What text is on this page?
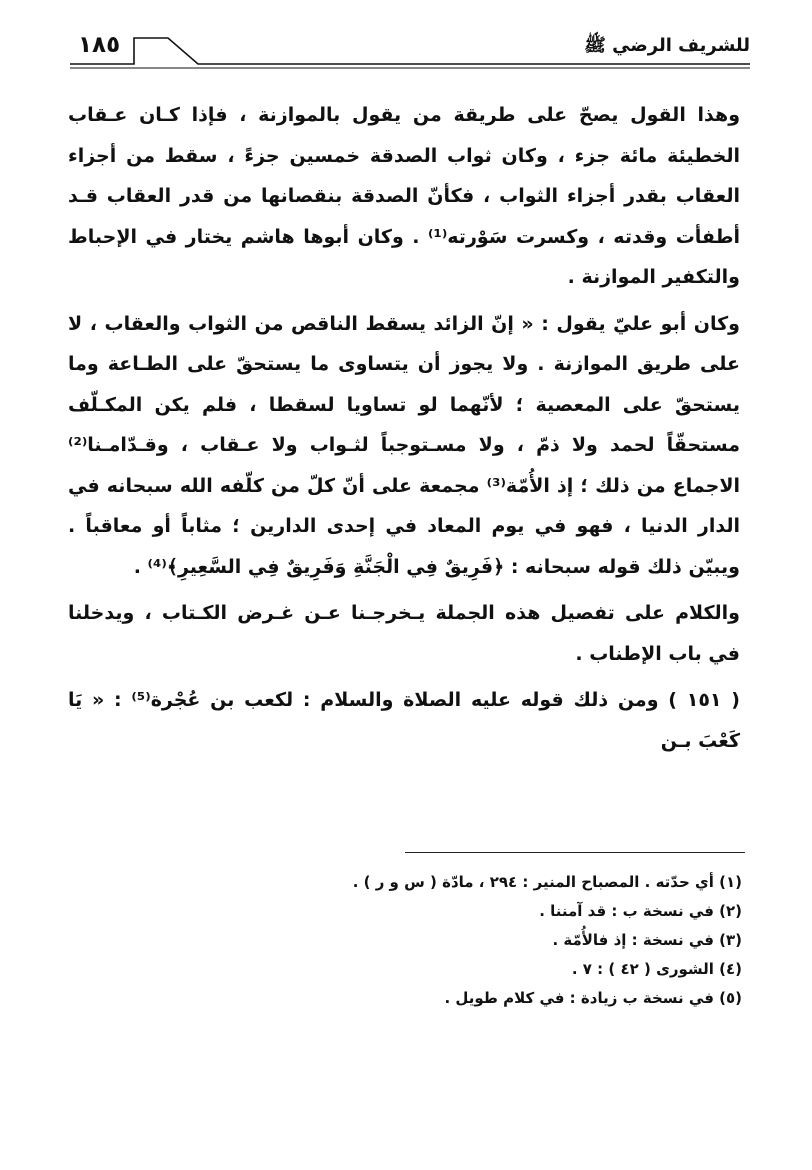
١٨٥	للشريف الرضي ﷺ

وهذا القول يصحّ على طريقة من يقول بالموازنة ، فإذا كـان عـقاب الخطيئة مائة جزء ، وكان ثواب الصدقة خمسين جزءً ، سقط من أجزاء العقاب بقدر أجزاء الثواب ، فكأنّ الصدقة بنقصانها من قدر العقاب قـد أطفأت وقدته ، وكسرت سَوْرته⁽¹⁾ . وكان أبوها هاشم يختار في الإحباط والتكفير الموازنة .

وكان أبو عليّ يقول : « إنّ الزائد يسقط الناقص من الثواب والعقاب ، لا على طريق الموازنة . ولا يجوز أن يتساوى ما يستحقّ على الطـاعة وما يستحقّ على المعصية ؛ لأنّهما لو تساويا لسقطا ، فلم يكن المكـلّف مستحقّاً لحمد ولا ذمّ ، ولا مسـتوجباً لثـواب ولا عـقاب ، وقـدّامـنا⁽²⁾ الاجماع من ذلك ؛ إذ الأُمّة⁽³⁾ مجمعة على أنّ كلّ من كلّفه الله سبحانه في الدار الدنيا ، فهو في يوم المعاد في إحدى الدارين ؛ مثاباً أو معاقباً . ويبيّن ذلك قوله سبحانه : ﴿فَرِيقٌ فِي الْجَنَّةِ وَفَرِيقٌ فِي السَّعِيرِ﴾⁽⁴⁾ .

والكلام على تفصيل هذه الجملة يـخرجـنا عـن غـرض الكـتاب ، ويدخلنا في باب الإطناب .

( ١٥١ ) ومن ذلك قوله عليه الصلاة والسلام : لكعب بن عُجْرة⁽⁵⁾ : « يَا كَعْبَ بـن

(١) أي حدّته . المصباح المنير : ٢٩٤ ، مادّة ( س و ر ) .
(٢) في نسخة ب : قد آمننا .
(٣) في نسخة : إذ فالأُمّة .
(٤) الشورى ( ٤٢ ) : ٧ .
(٥) في نسخة ب زيادة : في كلام طويل .
